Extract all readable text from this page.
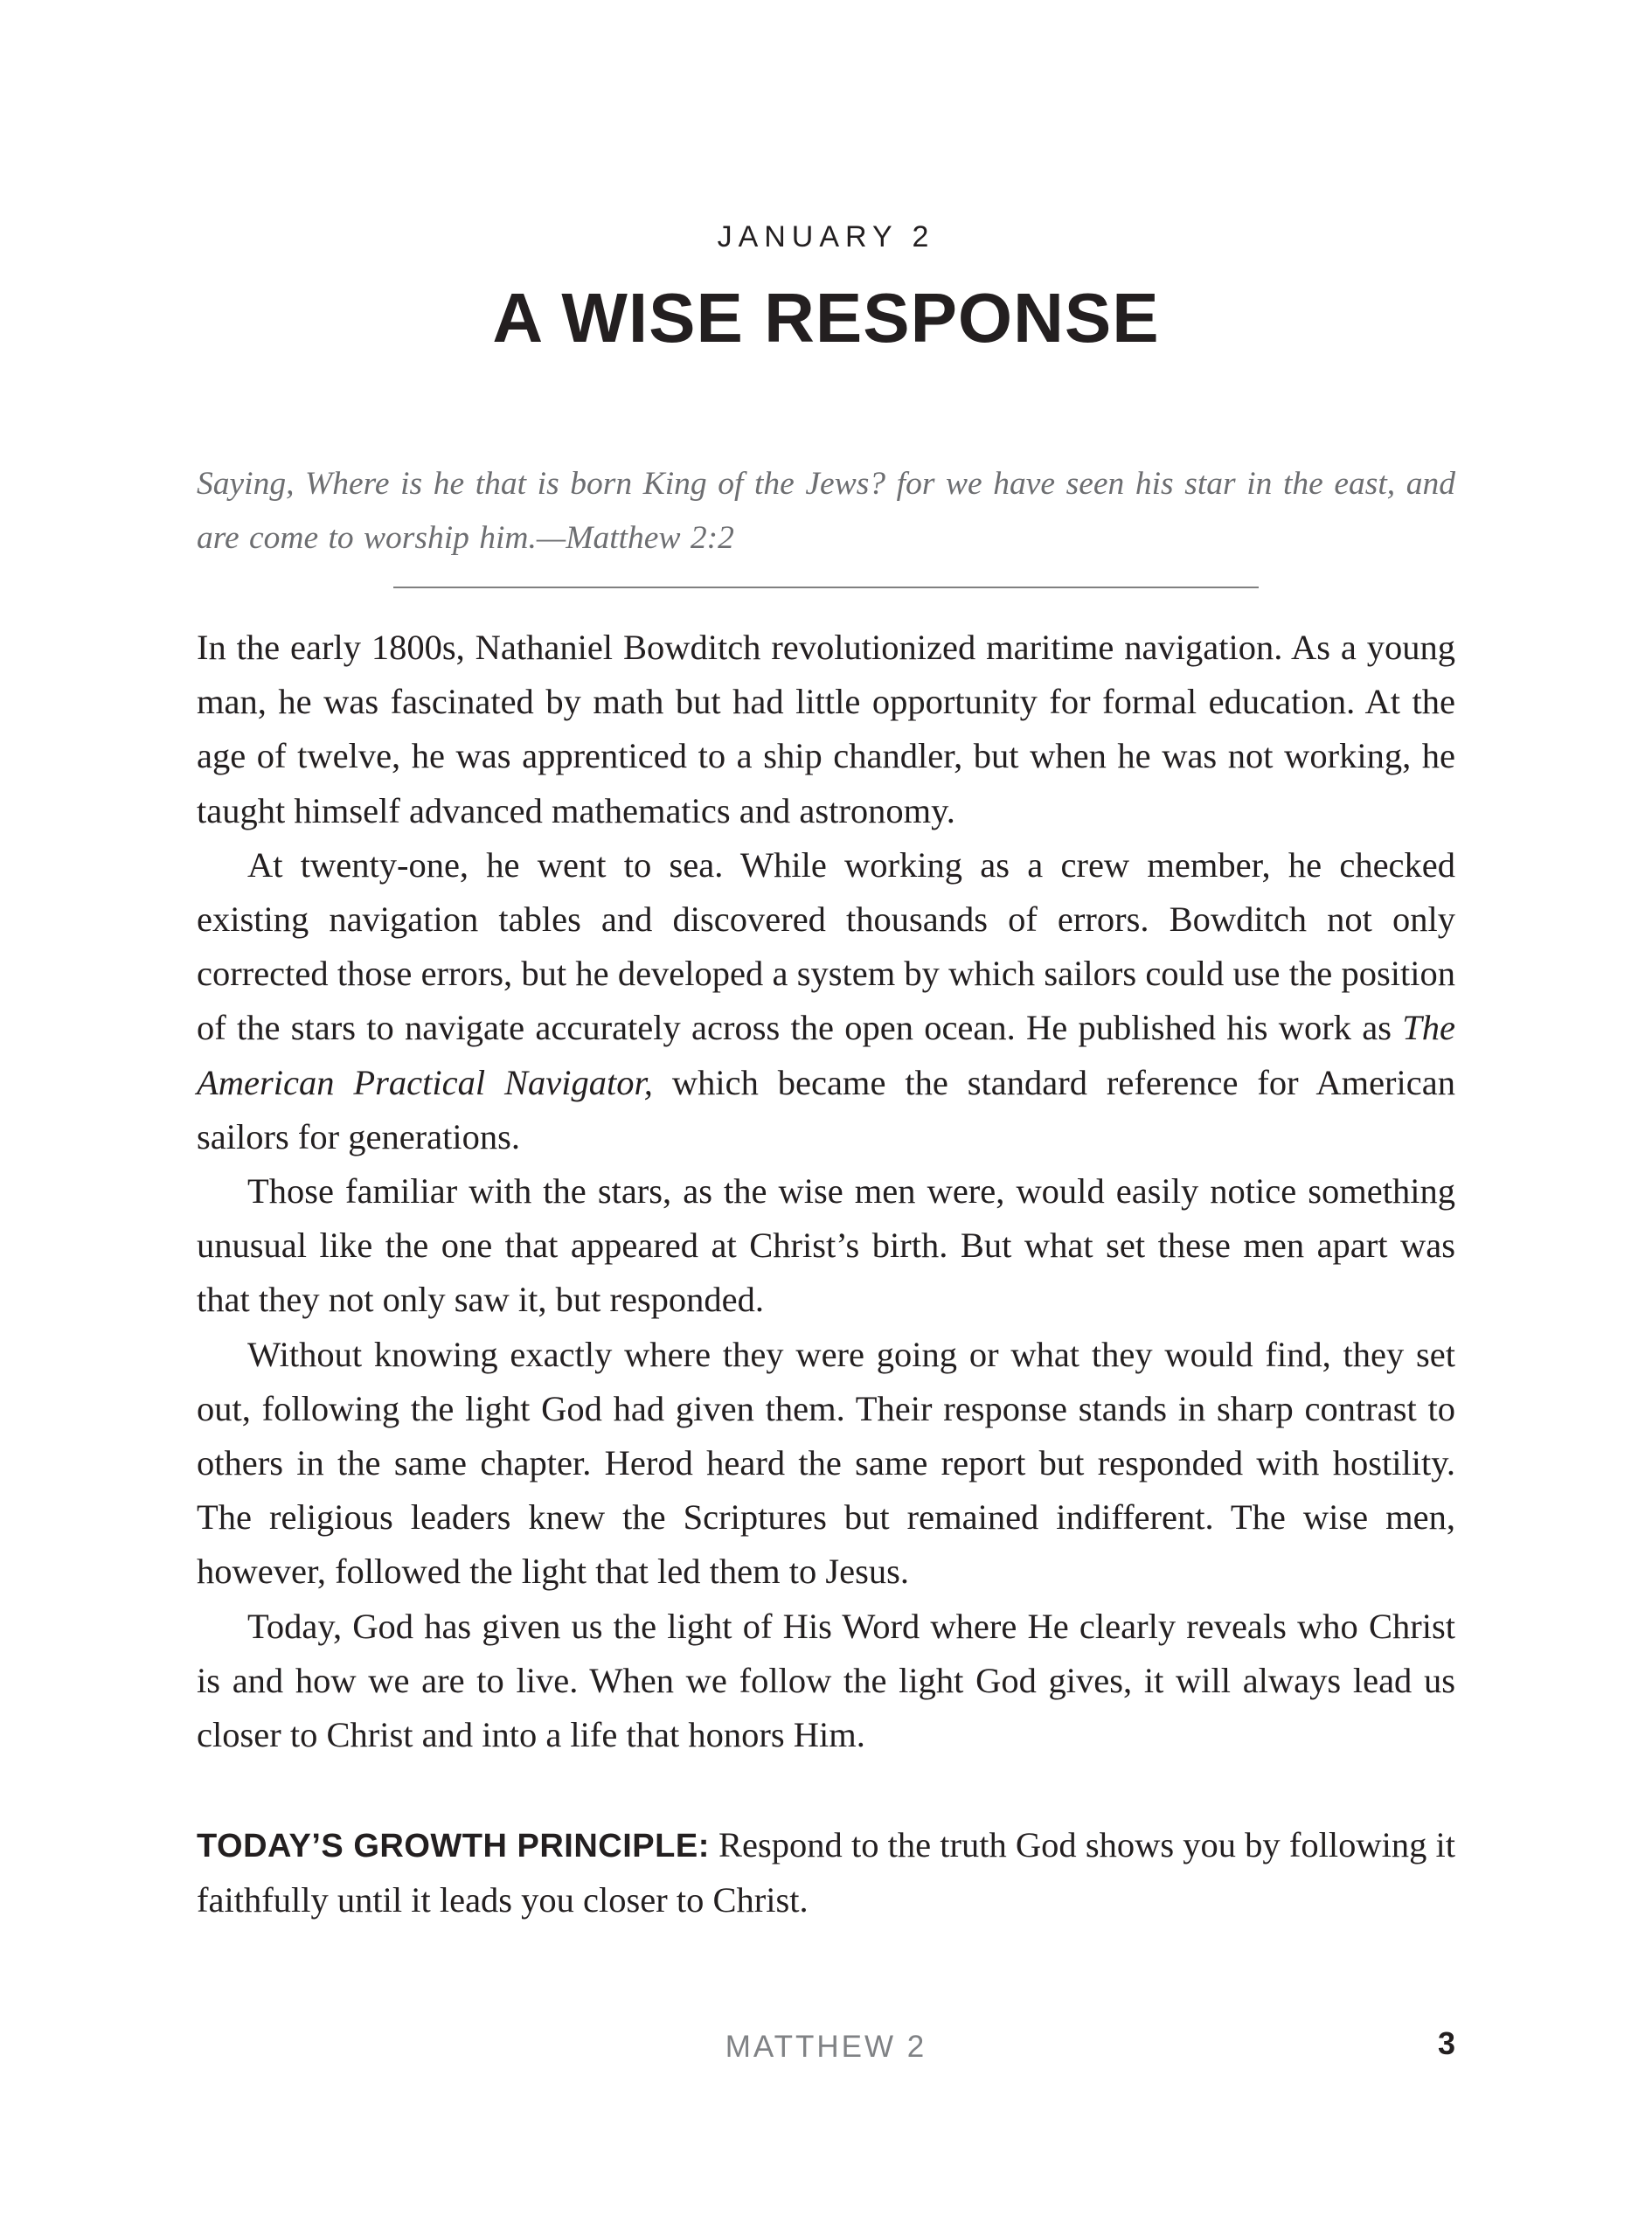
JANUARY 2
A WISE RESPONSE
Saying, Where is he that is born King of the Jews? for we have seen his star in the east, and are come to worship him.—Matthew 2:2

In the early 1800s, Nathaniel Bowditch revolutionized maritime navigation. As a young man, he was fascinated by math but had little opportunity for formal education. At the age of twelve, he was apprenticed to a ship chandler, but when he was not working, he taught himself advanced mathematics and astronomy.

At twenty-one, he went to sea. While working as a crew member, he checked existing navigation tables and discovered thousands of errors. Bowditch not only corrected those errors, but he developed a system by which sailors could use the position of the stars to navigate accurately across the open ocean. He published his work as The American Practical Navigator, which became the standard reference for American sailors for generations.

Those familiar with the stars, as the wise men were, would easily notice something unusual like the one that appeared at Christ’s birth. But what set these men apart was that they not only saw it, but responded.

Without knowing exactly where they were going or what they would find, they set out, following the light God had given them. Their response stands in sharp contrast to others in the same chapter. Herod heard the same report but responded with hostility. The religious leaders knew the Scriptures but remained indifferent. The wise men, however, followed the light that led them to Jesus.

Today, God has given us the light of His Word where He clearly reveals who Christ is and how we are to live. When we follow the light God gives, it will always lead us closer to Christ and into a life that honors Him.

TODAY’S GROWTH PRINCIPLE: Respond to the truth God shows you by following it faithfully until it leads you closer to Christ.

MATTHEW 2	3
